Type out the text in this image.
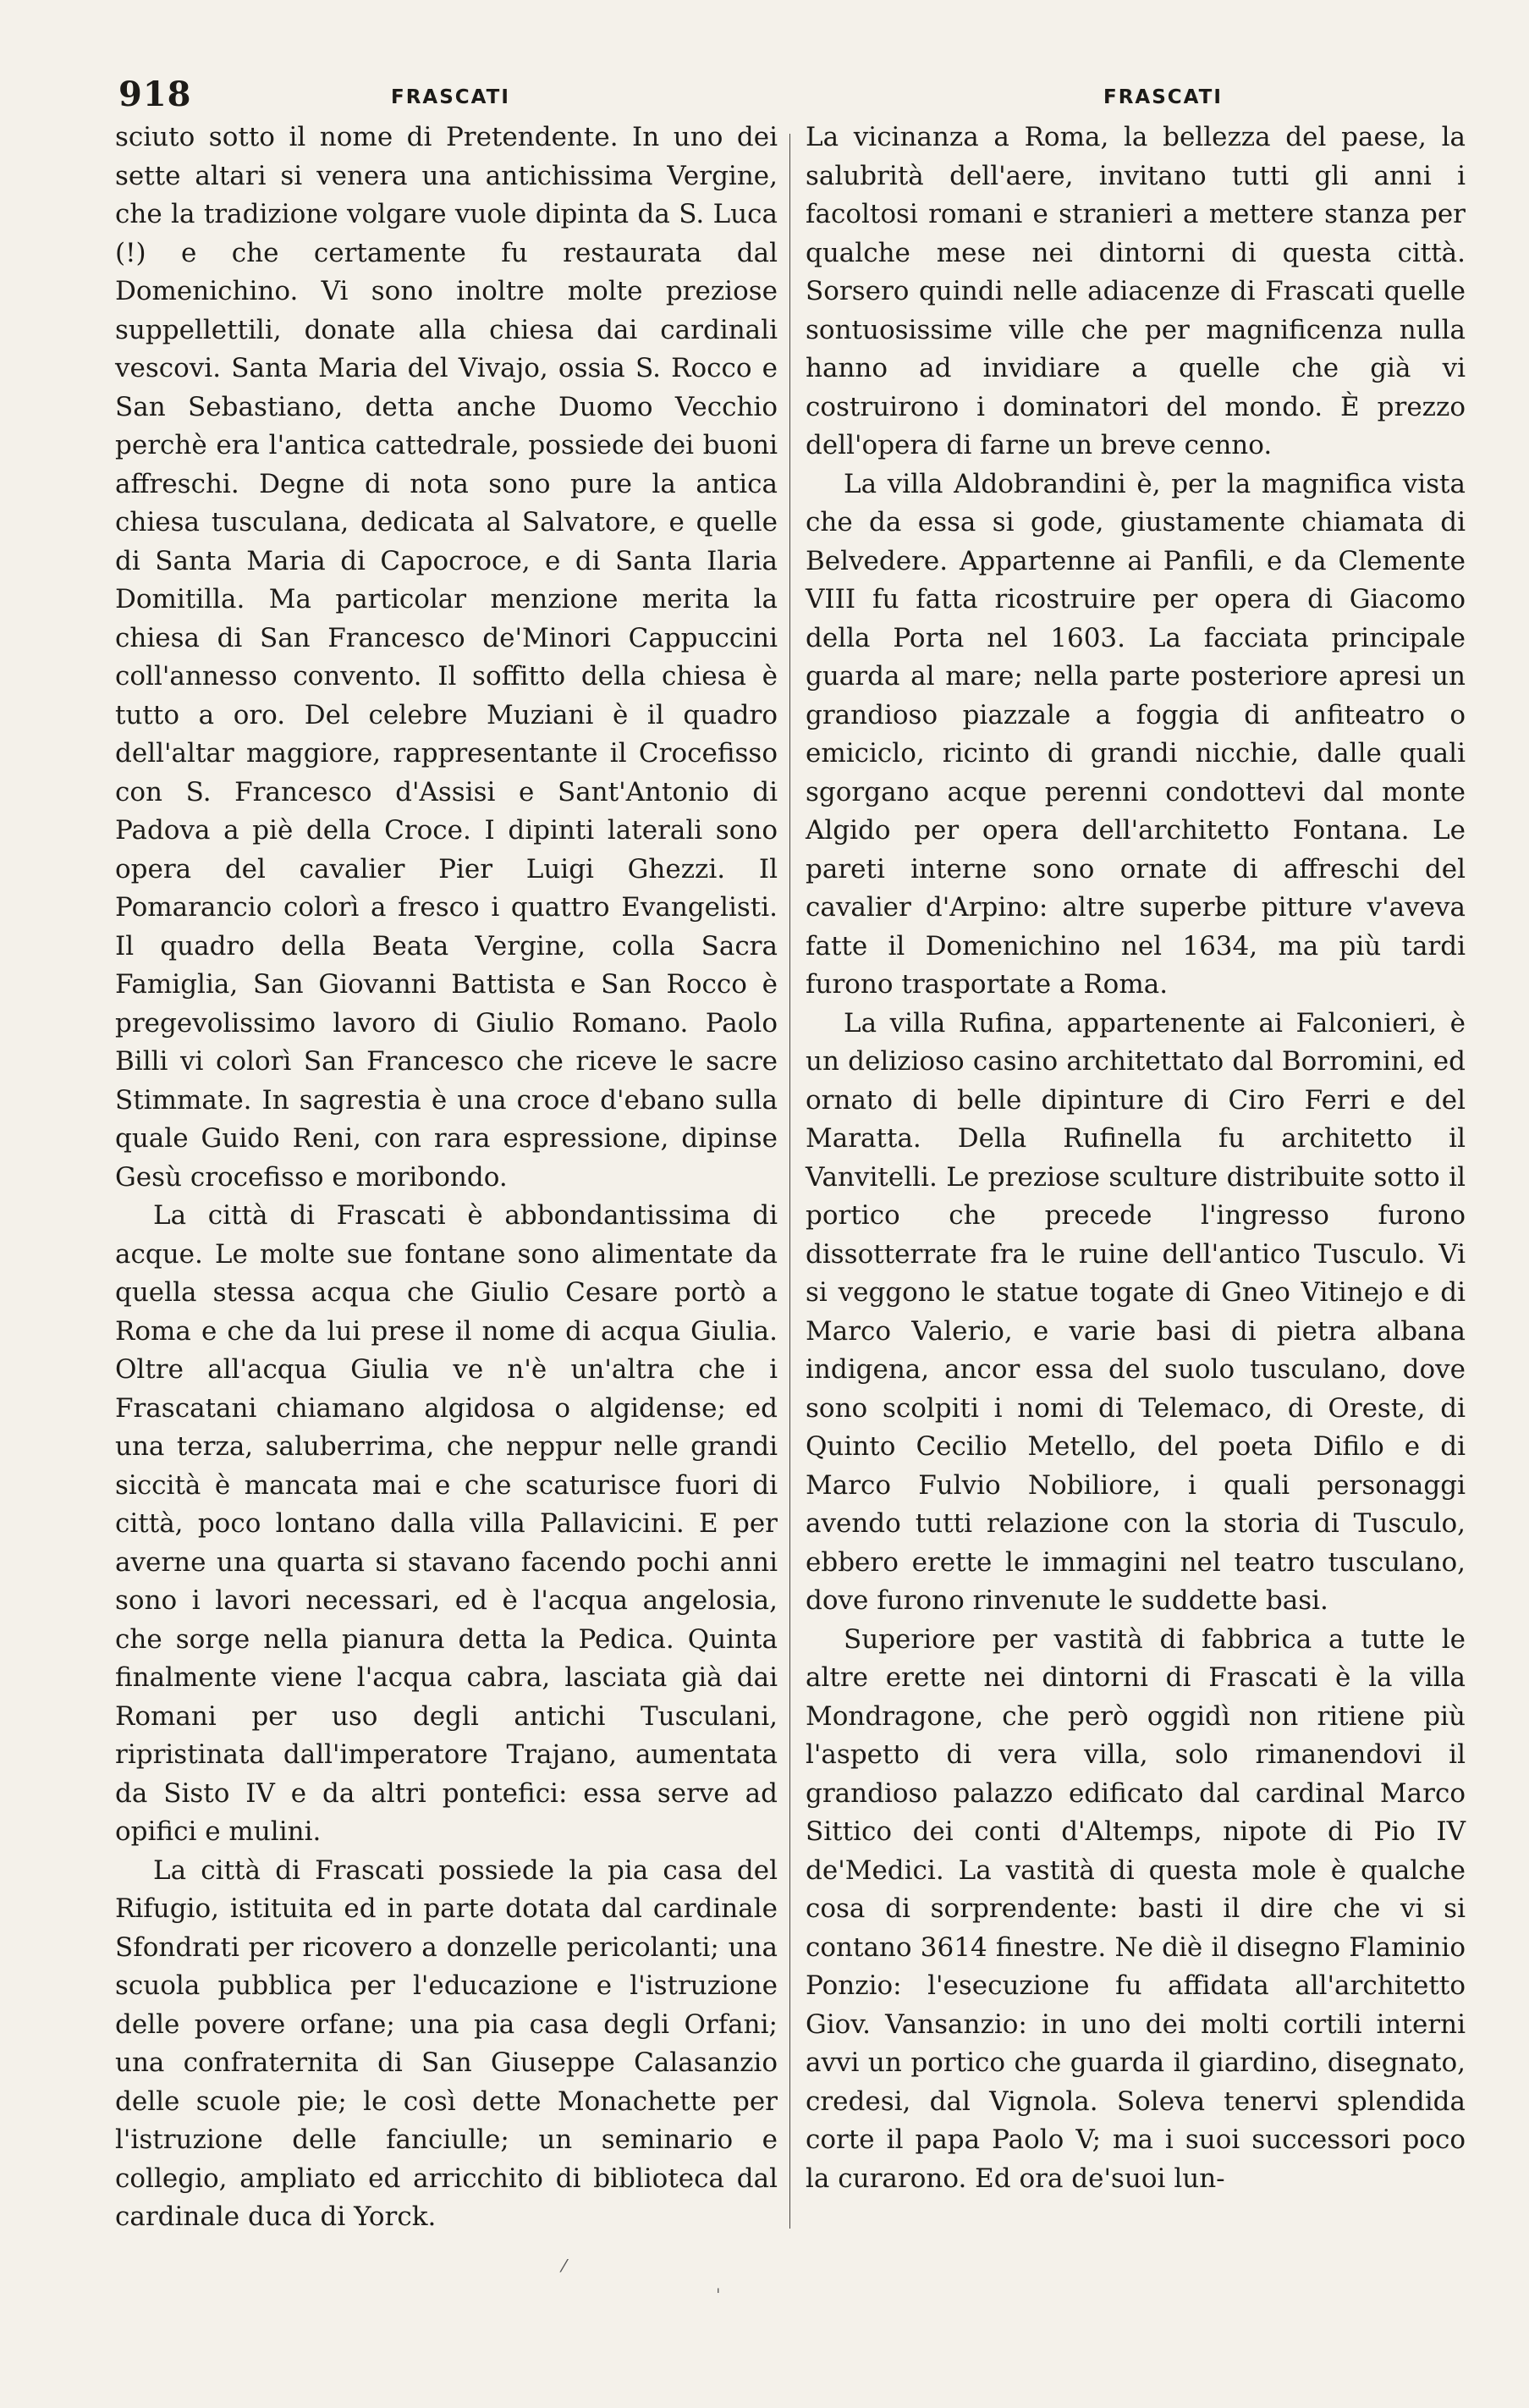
918	FRASCATI	FRASCATI

sciuto sotto il nome di Pretendente. In uno dei sette altari si venera una antichissima Vergine, che la tradizione volgare vuole dipinta da S. Luca (!) e che certamente fu restaurata dal Domenichino. Vi sono inoltre molte preziose suppellettili, donate alla chiesa dai cardinali vescovi. Santa Maria del Vivajo, ossia S. Rocco e San Sebastiano, detta anche Duomo Vecchio perchè era l'antica cattedrale, possiede dei buoni affreschi. Degne di nota sono pure la antica chiesa tusculana, dedicata al Salvatore, e quelle di Santa Maria di Capocroce, e di Santa Ilaria Domitilla. Ma particolar menzione merita la chiesa di San Francesco de'Minori Cappuccini coll'annesso convento. Il soffitto della chiesa è tutto a oro. Del celebre Muziani è il quadro dell'altar maggiore, rappresentante il Crocefisso con S. Francesco d'Assisi e Sant'Antonio di Padova a piè della Croce. I dipinti laterali sono opera del cavalier Pier Luigi Ghezzi. Il Pomarancio colorì a fresco i quattro Evangelisti. Il quadro della Beata Vergine, colla Sacra Famiglia, San Giovanni Battista e San Rocco è pregevolissimo lavoro di Giulio Romano. Paolo Billi vi colorì San Francesco che riceve le sacre Stimmate. In sagrestia è una croce d'ebano sulla quale Guido Reni, con rara espressione, dipinse Gesù crocefisso e moribondo.

La città di Frascati è abbondantissima di acque. Le molte sue fontane sono alimentate da quella stessa acqua che Giulio Cesare portò a Roma e che da lui prese il nome di acqua Giulia. Oltre all'acqua Giulia ve n'è un'altra che i Frascatani chiamano algidosa o algidense; ed una terza, saluberrima, che neppur nelle grandi siccità è mancata mai e che scaturisce fuori di città, poco lontano dalla villa Pallavicini. E per averne una quarta si stavano facendo pochi anni sono i lavori necessari, ed è l'acqua angelosia, che sorge nella pianura detta la Pedica. Quinta finalmente viene l'acqua cabra, lasciata già dai Romani per uso degli antichi Tusculani, ripristinata dall'imperatore Trajano, aumentata da Sisto IV e da altri pontefici: essa serve ad opifici e mulini.

La città di Frascati possiede la pia casa del Rifugio, istituita ed in parte dotata dal cardinale Sfondrati per ricovero a donzelle pericolanti; una scuola pubblica per l'educazione e l'istruzione delle povere orfane; una pia casa degli Orfani; una confraternita di San Giuseppe Calasanzio delle scuole pie; le così dette Monachette per l'istruzione delle fanciulle; un seminario e collegio, ampliato ed arricchito di biblioteca dal cardinale duca di Yorck.

La vicinanza a Roma, la bellezza del paese, la salubrità dell'aere, invitano tutti gli anni i facoltosi romani e stranieri a mettere stanza per qualche mese nei dintorni di questa città. Sorsero quindi nelle adiacenze di Frascati quelle sontuosissime ville che per magnificenza nulla hanno ad invidiare a quelle che già vi costruirono i dominatori del mondo. È prezzo dell'opera di farne un breve cenno.

La villa Aldobrandini è, per la magnifica vista che da essa si gode, giustamente chiamata di Belvedere. Appartenne ai Panfili, e da Clemente VIII fu fatta ricostruire per opera di Giacomo della Porta nel 1603. La facciata principale guarda al mare; nella parte posteriore apresi un grandioso piazzale a foggia di anfiteatro o emiciclo, ricinto di grandi nicchie, dalle quali sgorgano acque perenni condottevi dal monte Algido per opera dell'architetto Fontana. Le pareti interne sono ornate di affreschi del cavalier d'Arpino: altre superbe pitture v'aveva fatte il Domenichino nel 1634, ma più tardi furono trasportate a Roma.

La villa Rufina, appartenente ai Falconieri, è un delizioso casino architettato dal Borromini, ed ornato di belle dipinture di Ciro Ferri e del Maratta. Della Rufinella fu architetto il Vanvitelli. Le preziose sculture distribuite sotto il portico che precede l'ingresso furono dissotterrate fra le ruine dell'antico Tusculo. Vi si veggono le statue togate di Gneo Vitinejo e di Marco Valerio, e varie basi di pietra albana indigena, ancor essa del suolo tusculano, dove sono scolpiti i nomi di Telemaco, di Oreste, di Quinto Cecilio Metello, del poeta Difilo e di Marco Fulvio Nobiliore, i quali personaggi avendo tutti relazione con la storia di Tusculo, ebbero erette le immagini nel teatro tusculano, dove furono rinvenute le suddette basi.

Superiore per vastità di fabbrica a tutte le altre erette nei dintorni di Frascati è la villa Mondragone, che però oggidì non ritiene più l'aspetto di vera villa, solo rimanendovi il grandioso palazzo edificato dal cardinal Marco Sittico dei conti d'Altemps, nipote di Pio IV de'Medici. La vastità di questa mole è qualche cosa di sorprendente: basti il dire che vi si contano 3614 finestre. Ne diè il disegno Flaminio Ponzio: l'esecuzione fu affidata all'architetto Giov. Vansanzio: in uno dei molti cortili interni avvi un portico che guarda il giardino, disegnato, credesi, dal Vignola. Soleva tenervi splendida corte il papa Paolo V; ma i suoi successori poco la curarono. Ed ora de'suoi lun-

⁄
ˈ
